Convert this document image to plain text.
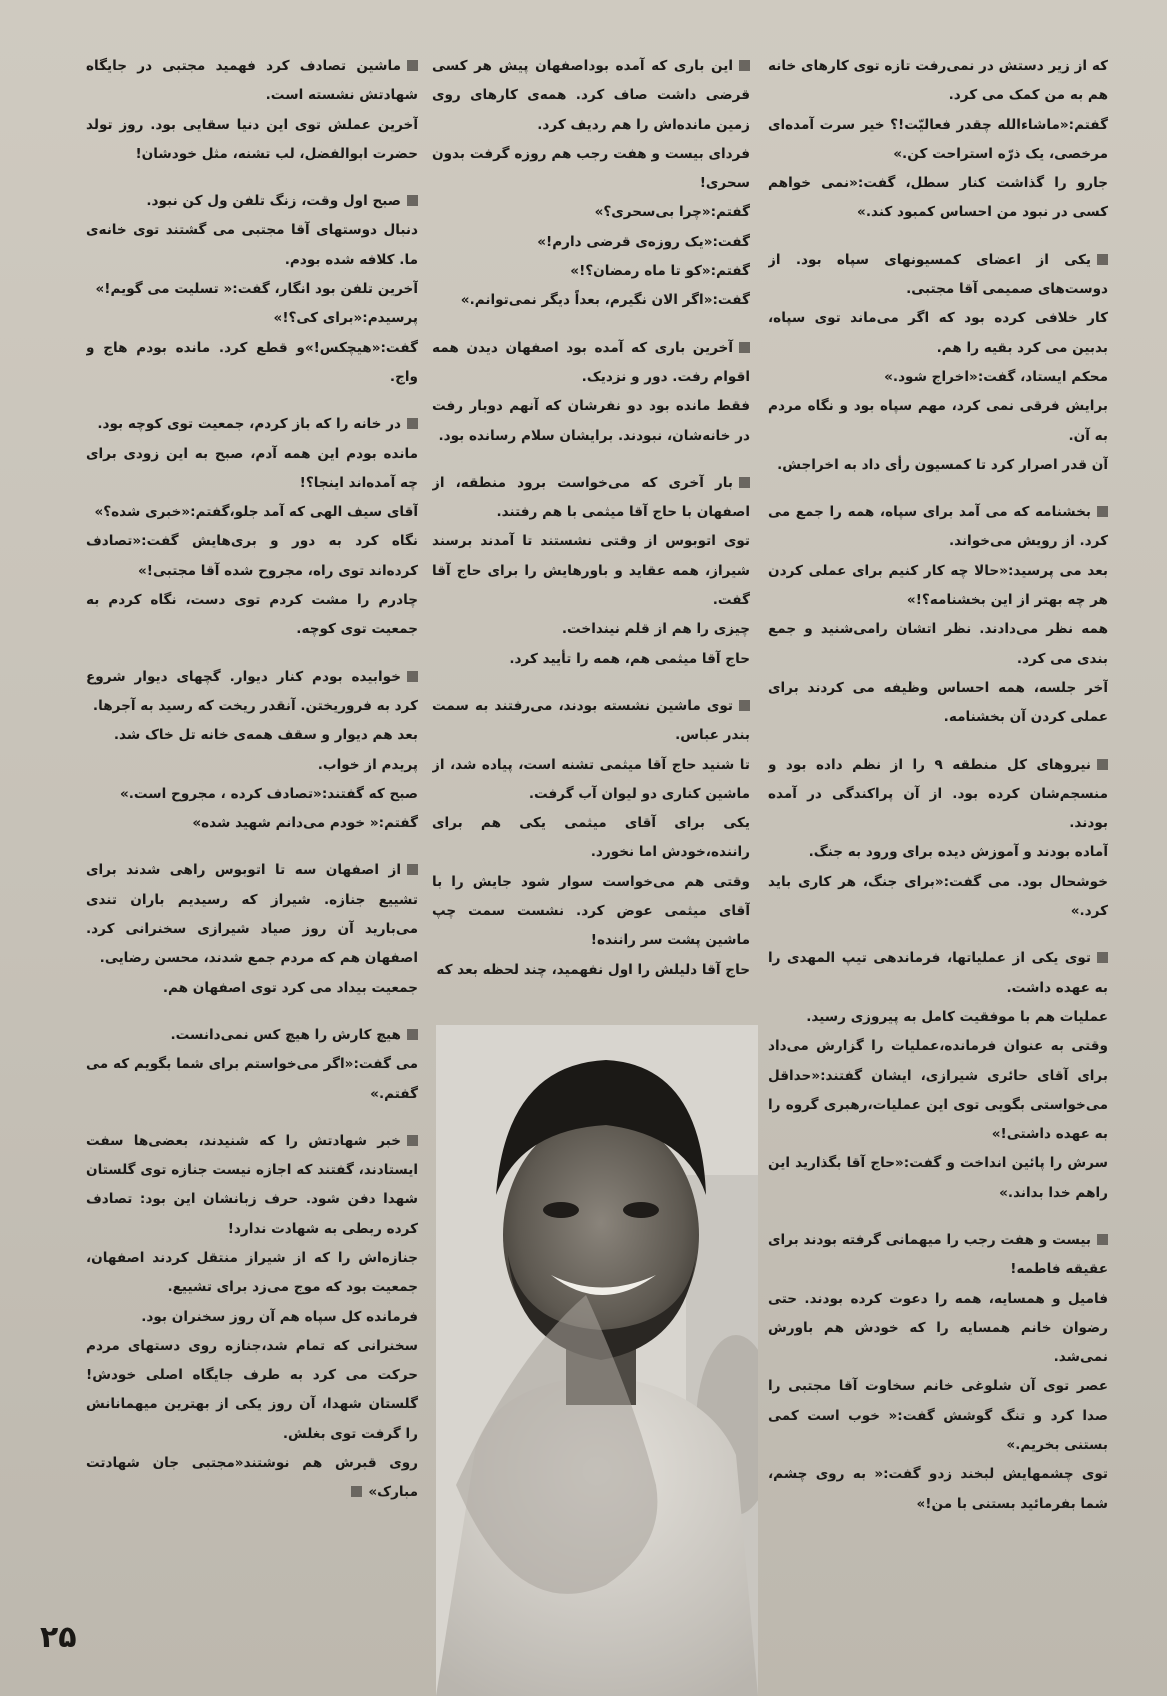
که از زیر دستش در نمی‌رفت تازه توی کارهای خانه هم به من کمک می کرد.

گفتم:«ماشاءالله چقدر فعالیّت!؟ خیر سرت آمده‌ای مرخصی، یک ذرّه استراحت کن.»

جارو را گذاشت کنار سطل، گفت:«نمی خواهم کسی در نبود من احساس کمبود کند.»

یکی از اعضای کمسیونهای سپاه بود. از دوست‌های صمیمی آقا مجتبی.

کار خلافی کرده بود که اگر می‌ماند توی سپاه، بدبین می کرد بقیه را هم.

محکم ایستاد، گفت:«اخراج شود.»

برایش فرقی نمی کرد، مهم سپاه بود و نگاه مردم به آن.

آن قدر اصرار کرد تا کمسیون رأی داد به اخراجش.

بخشنامه که می آمد برای سپاه، همه را جمع می کرد. از رویش می‌خواند.

بعد می پرسید:«حالا چه کار کنیم برای عملی کردن هر چه بهتر از این بخشنامه؟!»

همه نظر می‌دادند. نظر اتشان رامی‌شنید و جمع بندی می کرد.

آخر جلسه، همه احساس وظیفه می کردند برای عملی کردن آن بخشنامه.

نیروهای کل منطقه ۹ را از نظم داده بود و منسجم‌شان کرده بود. از آن پراکندگی در آمده بودند.

آماده بودند و آموزش دیده برای ورود به جنگ.

خوشحال بود. می گفت:«برای جنگ، هر کاری باید کرد.»

توی یکی از عملیاتها، فرماندهی تیپ المهدی را به عهده داشت.

عملیات هم با موفقیت کامل به پیروزی رسید.

وقتی به عنوان فرمانده،عملیات را گزارش می‌داد برای آقای حائری شیرازی، ایشان گفتند:«حداقل می‌خواستی بگویی توی این عملیات،رهبری گروه را به عهده داشتی!»

سرش را پائین انداخت و گفت:«حاج آقا بگذارید این راهم خدا بداند.»

بیست و هفت رجب را میهمانی گرفته بودند برای عقیقه فاطمه!

فامیل و همسایه، همه را دعوت کرده بودند. حتی رضوان خانم همسایه را که خودش هم باورش نمی‌شد.

عصر توی آن شلوغی خانم سخاوت آقا مجتبی را صدا کرد و تنگ گوشش گفت:« خوب است کمی بستنی بخریم.»

توی چشمهایش لبخند زدو گفت:« به روی چشم، شما بفرمائید بستنی با من!»

این باری که آمده بوداصفهان پیش هر کسی قرضی داشت صاف کرد. همه‌ی کارهای روی زمین مانده‌اش را هم ردیف کرد.

فردای بیست و هفت رجب هم روزه گرفت بدون سحری!

گفتم:«چرا بی‌سحری؟»

گفت:«یک روزه‌ی قرضی دارم!»

گفتم:«کو تا ماه رمضان؟!»

گفت:«اگر الان نگیرم، بعداً دیگر نمی‌توانم.»

آخرین باری که آمده بود اصفهان دیدن همه اقوام رفت. دور و نزدیک.

فقط مانده بود دو نفرشان که آنهم دوبار رفت در خانه‌شان، نبودند. برایشان سلام رسانده بود.

بار آخری که می‌خواست برود منطقه، از اصفهان با حاج آقا میثمی با هم رفتند.

توی اتوبوس از وقتی نشستند تا آمدند برسند شیراز، همه عقاید و باورهایش را برای حاج آقا گفت.

چیزی را هم از قلم نینداخت.

حاج آقا میثمی هم، همه را تأیید کرد.

توی ماشین نشسته بودند، می‌رفتند به سمت بندر عباس.

تا شنید حاج آقا میثمی تشنه است، پیاده شد، از ماشین کناری دو لیوان آب گرفت.

یکی برای آقای میثمی یکی هم برای راننده،خودش اما نخورد.

وقتی هم می‌خواست سوار شود جایش را با آقای میثمی عوض کرد. نشست سمت چپ ماشین پشت سر راننده!

حاج آقا دلیلش را اول نفهمید، چند لحظه بعد که

ماشین تصادف کرد فهمید مجتبی در جایگاه شهادتش نشسته است.

آخرین عملش توی این دنیا سقایی بود. روز تولد حضرت ابوالفضل، لب تشنه، مثل خودشان!

صبح اول وقت، زنگ تلفن ول کن نبود.

دنبال دوستهای آقا مجتبی می گشتند توی خانه‌ی ما. کلافه شده بودم.

آخرین تلفن بود انگار، گفت:« تسلیت می گویم!»

پرسیدم:«برای کی؟!»

گفت:«هیچکس!»و قطع کرد. مانده بودم هاج و واج.

در خانه را که باز کردم، جمعیت توی کوچه بود.

مانده بودم این همه آدم، صبح به این زودی برای چه آمده‌اند اینجا؟!

آقای سیف الهی که آمد جلو،گفتم:«خبری شده؟»

نگاه کرد به دور و بری‌هایش گفت:«تصادف کرده‌اند توی راه، مجروح شده آقا مجتبی!»

چادرم را مشت کردم توی دست، نگاه کردم به جمعیت توی کوچه.

خوابیده بودم کنار دیوار. گچهای دیوار شروع کرد به فروریختن. آنقدر ریخت که رسید به آجرها.

بعد هم دیوار و سقف همه‌ی خانه تل خاک شد.

پریدم از خواب.

صبح که گفتند:«تصادف کرده ، مجروح است.»

گفتم:« خودم می‌دانم شهید شده»

از اصفهان سه تا اتوبوس راهی شدند برای تشییع جنازه. شیراز که رسیدیم باران تندی می‌بارید آن روز صیاد شیرازی سخنرانی کرد. اصفهان هم که مردم جمع شدند، محسن رضایی.

جمعیت بیداد می کرد توی اصفهان هم.

هیچ کارش را هیچ کس نمی‌دانست.

می گفت:«اگر می‌خواستم برای شما بگویم که می گفتم.»

خبر شهادتش را که شنیدند، بعضی‌ها سفت ایستادند، گفتند که اجازه نیست جنازه توی گلستان شهدا دفن شود. حرف زبانشان این بود: تصادف کرده ربطی به شهادت ندارد!

جنازه‌اش را که از شیراز منتقل کردند اصفهان، جمعیت بود که موج می‌زد برای تشییع.

فرمانده کل سپاه هم آن روز سخنران بود.

سخنرانی که تمام شد،جنازه روی دستهای مردم حرکت می کرد به طرف جایگاه اصلی خودش! گلستان شهدا، آن روز یکی از بهترین میهمانانش را گرفت توی بغلش.

روی قبرش هم نوشتند«مجتبی جان شهادتت مبارک»

۲۵
